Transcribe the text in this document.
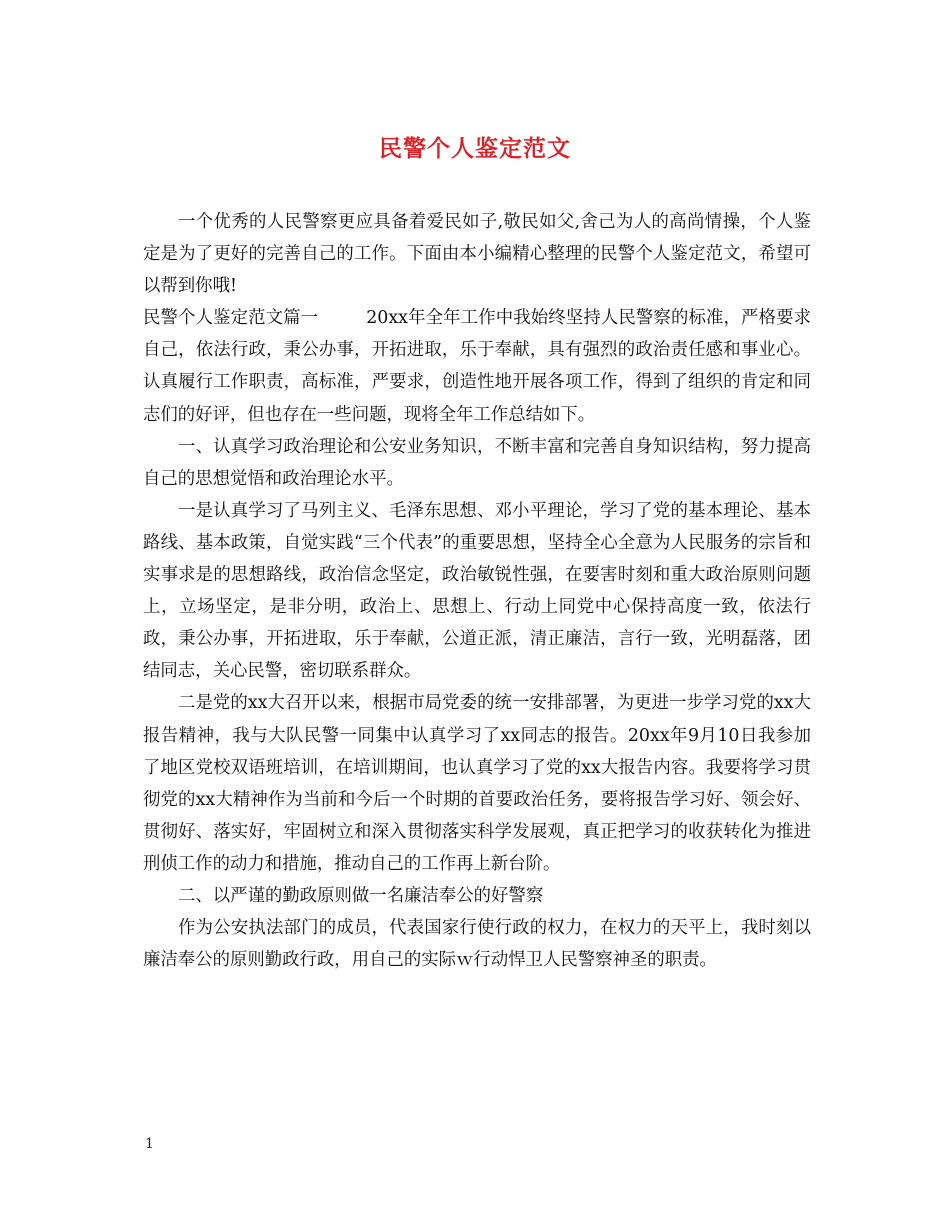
民警个人鉴定范文

一个优秀的人民警察更应具备着爱民如子,敬民如父,舍己为人的高尚情操，个人鉴定是为了更好的完善自己的工作。下面由本小编精心整理的民警个人鉴定范文，希望可以帮到你哦!

民警个人鉴定范文篇一	20xx年全年工作中我始终坚持人民警察的标准，严格要求自己，依法行政，秉公办事，开拓进取，乐于奉献，具有强烈的政治责任感和事业心。认真履行工作职责，高标准，严要求，创造性地开展各项工作，得到了组织的肯定和同志们的好评，但也存在一些问题，现将全年工作总结如下。

一、认真学习政治理论和公安业务知识，不断丰富和完善自身知识结构，努力提高自己的思想觉悟和政治理论水平。

一是认真学习了马列主义、毛泽东思想、邓小平理论，学习了党的基本理论、基本路线、基本政策，自觉实践“三个代表”的重要思想，坚持全心全意为人民服务的宗旨和实事求是的思想路线，政治信念坚定，政治敏锐性强，在要害时刻和重大政治原则问题上，立场坚定，是非分明，政治上、思想上、行动上同党中心保持高度一致，依法行政，秉公办事，开拓进取，乐于奉献，公道正派，清正廉洁，言行一致，光明磊落，团结同志，关心民警，密切联系群众。

二是党的xx大召开以来，根据市局党委的统一安排部署，为更进一步学习党的xx大报告精神，我与大队民警一同集中认真学习了xx同志的报告。20xx年9月10日我参加了地区党校双语班培训，在培训期间，也认真学习了党的xx大报告内容。我要将学习贯彻党的xx大精神作为当前和今后一个时期的首要政治任务，要将报告学习好、领会好、贯彻好、落实好，牢固树立和深入贯彻落实科学发展观，真正把学习的收获转化为推进刑侦工作的动力和措施，推动自己的工作再上新台阶。

二、以严谨的勤政原则做一名廉洁奉公的好警察

作为公安执法部门的成员，代表国家行使行政的权力，在权力的天平上，我时刻以廉洁奉公的原则勤政行政，用自己的实际ｗ行动悍卫人民警察神圣的职责。

1
